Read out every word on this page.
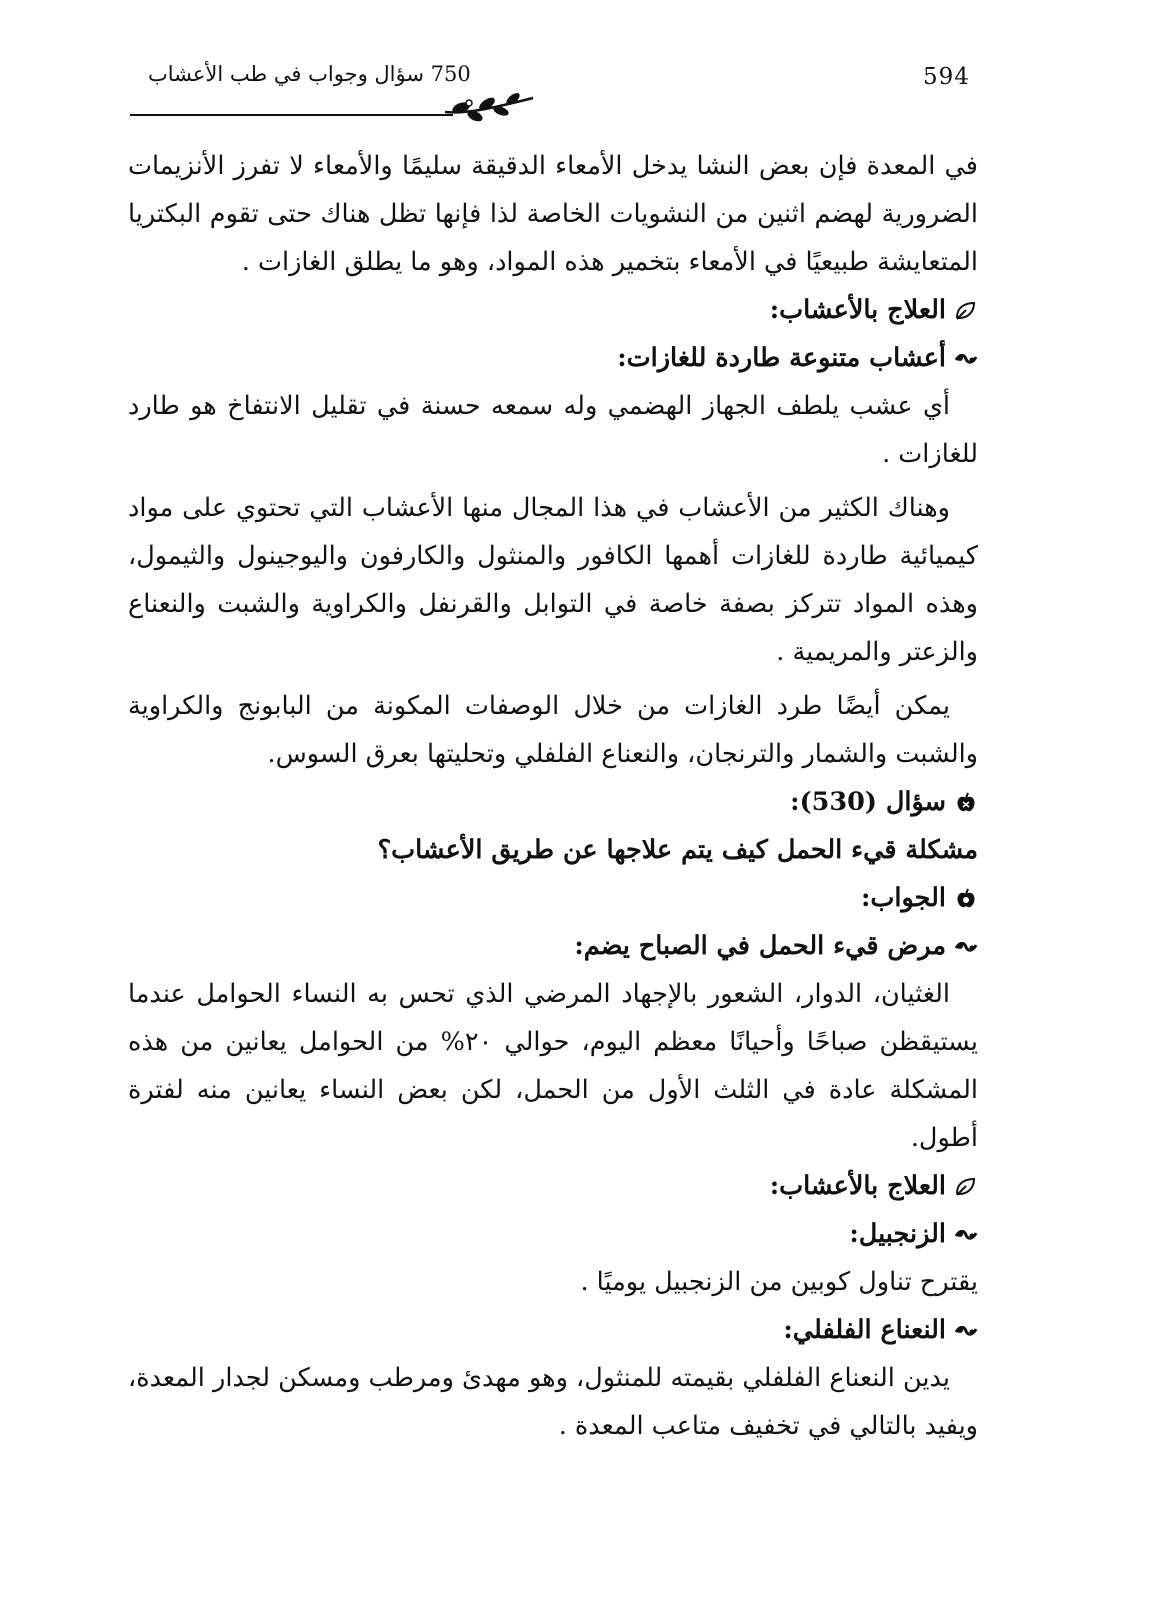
750 سؤال وجواب في طب الأعشاب	594

في المعدة فإن بعض النشا يدخل الأمعاء الدقيقة سليمًا والأمعاء لا تفرز الأنزيمات الضرورية لهضم اثنين من النشويات الخاصة لذا فإنها تظل هناك حتى تقوم البكتريا المتعايشة طبيعيًا في الأمعاء بتخمير هذه المواد، وهو ما يطلق الغازات .

العلاج بالأعشاب:

أعشاب متنوعة طاردة للغازات:

أي عشب يلطف الجهاز الهضمي وله سمعه حسنة في تقليل الانتفاخ هو طارد للغازات .

وهناك الكثير من الأعشاب في هذا المجال منها الأعشاب التي تحتوي على مواد كيميائية طاردة للغازات أهمها الكافور والمنثول والكارفون واليوجينول والثيمول، وهذه المواد تتركز بصفة خاصة في التوابل والقرنفل والكراوية والشبت والنعناع والزعتر والمريمية .

يمكن أيضًا طرد الغازات من خلال الوصفات المكونة من البابونج والكراوية والشبت والشمار والترنجان، والنعناع الفلفلي وتحليتها بعرق السوس.

سؤال (530):

مشكلة قيء الحمل كيف يتم علاجها عن طريق الأعشاب؟

الجواب:

مرض قيء الحمل في الصباح يضم:

الغثيان، الدوار، الشعور بالإجهاد المرضي الذي تحس به النساء الحوامل عندما يستيقظن صباحًا وأحيانًا معظم اليوم، حوالي ٢٠% من الحوامل يعانين من هذه المشكلة عادة في الثلث الأول من الحمل، لكن بعض النساء يعانين منه لفترة أطول.

العلاج بالأعشاب:

الزنجبيل:

يقترح تناول كوبين من الزنجبيل يوميًا .

النعناع الفلفلي:

يدين النعناع الفلفلي بقيمته للمنثول، وهو مهدئ ومرطب ومسكن لجدار المعدة، ويفيد بالتالي في تخفيف متاعب المعدة .
